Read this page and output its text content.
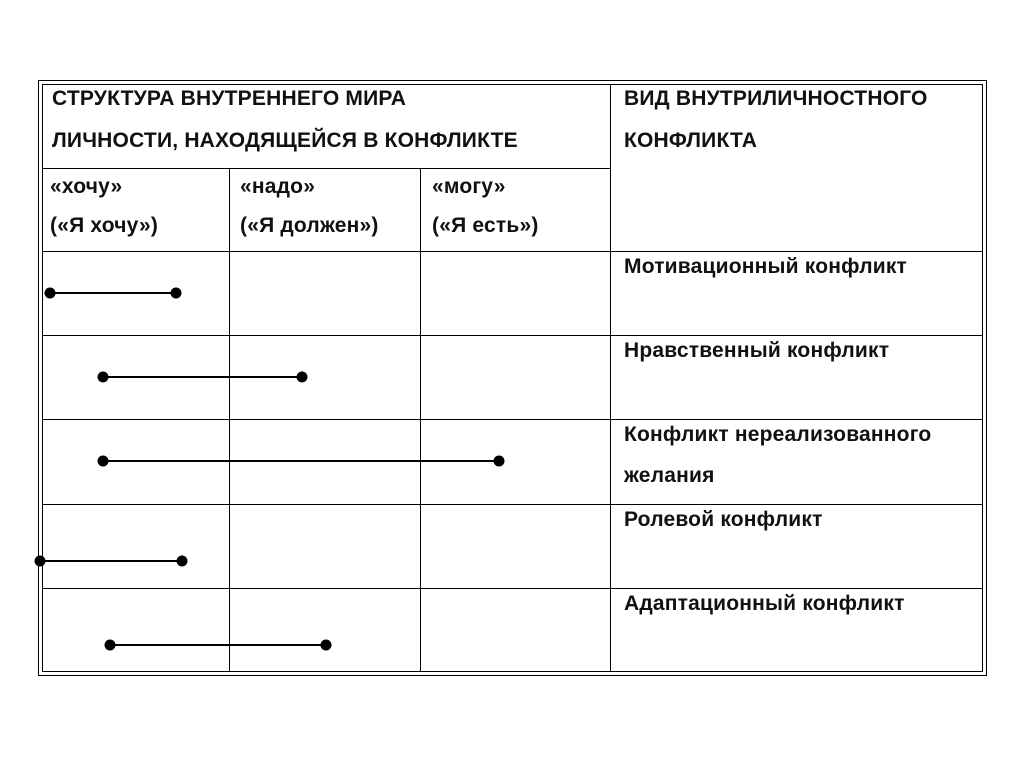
СТРУКТУРА ВНУТРЕННЕГО МИРА
ЛИЧНОСТИ, НАХОДЯЩЕЙСЯ В КОНФЛИКТЕ
ВИД ВНУТРИЛИЧНОСТНОГО
КОНФЛИКТА
«хочу»
(«Я хочу»)
«надо»
(«Я должен»)
«могу»
(«Я есть»)
Мотивационный конфликт
Нравственный конфликт
Конфликт нереализованного
желания
Ролевой конфликт
Адаптационный конфликт
